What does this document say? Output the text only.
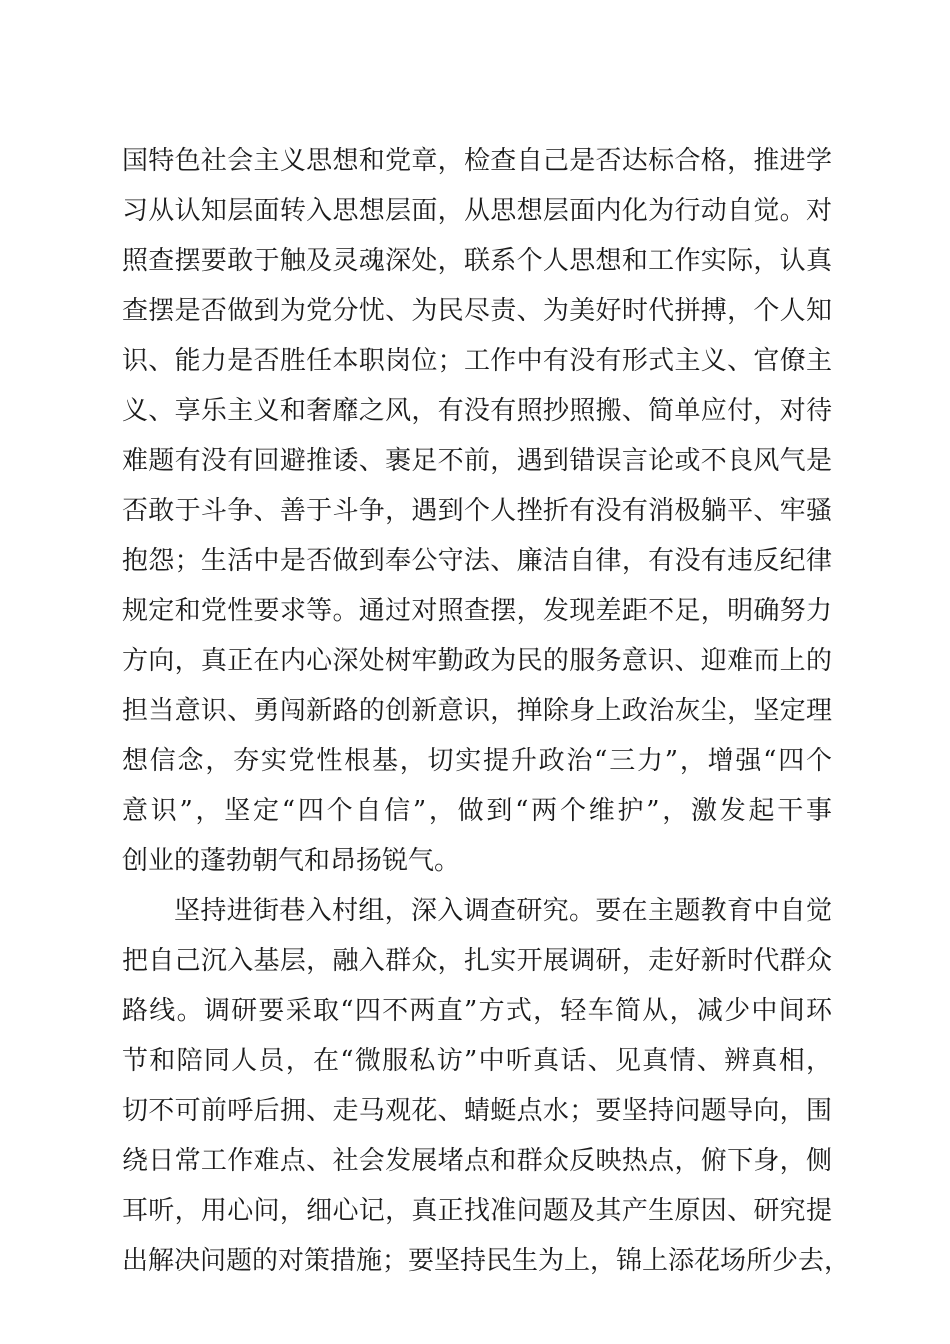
国特色社会主义思想和党章，检查自己是否达标合格，推进学
习从认知层面转入思想层面，从思想层面内化为行动自觉。对
照查摆要敢于触及灵魂深处，联系个人思想和工作实际，认真
查摆是否做到为党分忧、为民尽责、为美好时代拼搏，个人知
识、能力是否胜任本职岗位；工作中有没有形式主义、官僚主
义、享乐主义和奢靡之风，有没有照抄照搬、简单应付，对待
难题有没有回避推诿、裹足不前，遇到错误言论或不良风气是
否敢于斗争、善于斗争，遇到个人挫折有没有消极躺平、牢骚
抱怨；生活中是否做到奉公守法、廉洁自律，有没有违反纪律
规定和党性要求等。通过对照查摆，发现差距不足，明确努力
方向，真正在内心深处树牢勤政为民的服务意识、迎难而上的
担当意识、勇闯新路的创新意识，掸除身上政治灰尘，坚定理
想信念，夯实党性根基，切实提升政治“三力”，增强“四个
意识”，坚定“四个自信”，做到“两个维护”，激发起干事
创业的蓬勃朝气和昂扬锐气。
坚持进街巷入村组，深入调查研究。要在主题教育中自觉
把自己沉入基层，融入群众，扎实开展调研，走好新时代群众
路线。调研要采取“四不两直”方式，轻车简从，减少中间环
节和陪同人员，在“微服私访”中听真话、见真情、辨真相，
切不可前呼后拥、走马观花、蜻蜓点水；要坚持问题导向，围
绕日常工作难点、社会发展堵点和群众反映热点，俯下身，侧
耳听，用心问，细心记，真正找准问题及其产生原因、研究提
出解决问题的对策措施；要坚持民生为上，锦上添花场所少去，
